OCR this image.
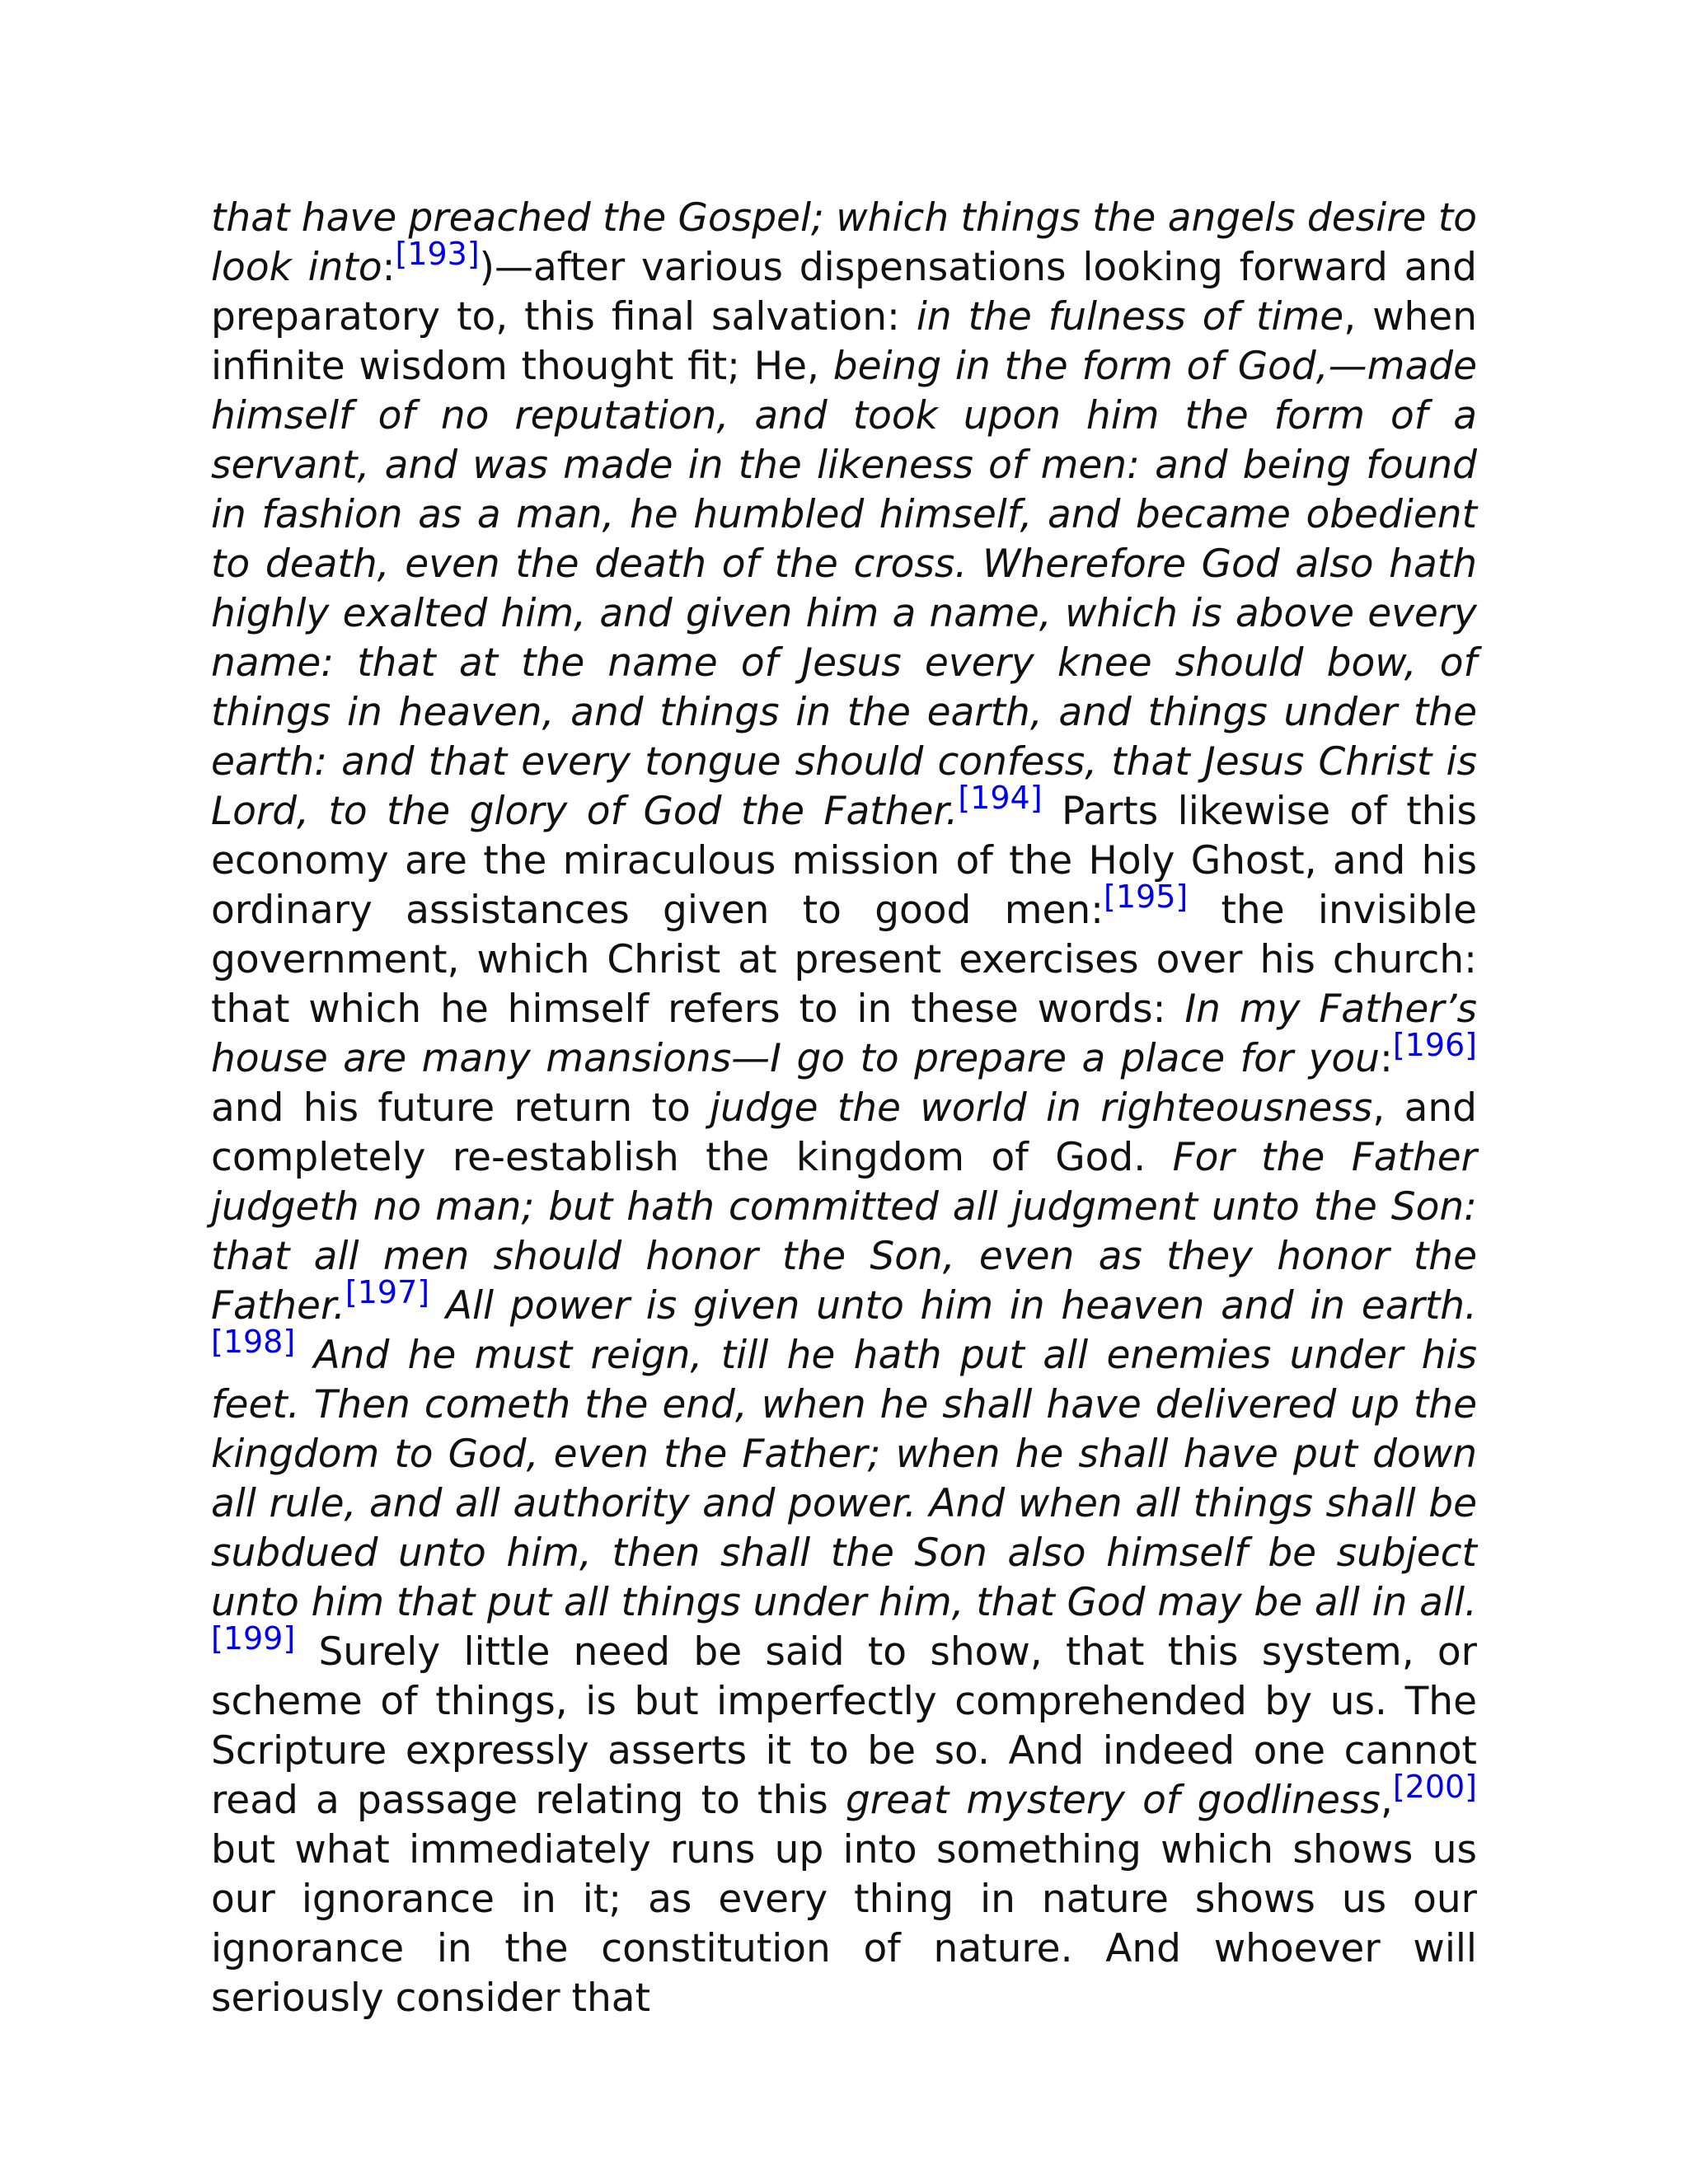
that have preached the Gospel; which things the angels desire to look into:[193])—after various dispensations looking forward and preparatory to, this final salvation: in the fulness of time, when infinite wisdom thought fit; He, being in the form of God,—made himself of no reputation, and took upon him the form of a servant, and was made in the likeness of men: and being found in fashion as a man, he humbled himself, and became obedient to death, even the death of the cross. Wherefore God also hath highly exalted him, and given him a name, which is above every name: that at the name of Jesus every knee should bow, of things in heaven, and things in the earth, and things under the earth: and that every tongue should confess, that Jesus Christ is Lord, to the glory of God the Father.[194] Parts likewise of this economy are the miraculous mission of the Holy Ghost, and his ordinary assistances given to good men:[195] the invisible government, which Christ at present exercises over his church: that which he himself refers to in these words: In my Father’s house are many mansions—I go to prepare a place for you:[196] and his future return to judge the world in righteousness, and completely re-establish the kingdom of God. For the Father judgeth no man; but hath committed all judgment unto the Son: that all men should honor the Son, even as they honor the Father.[197] All power is given unto him in heaven and in earth.[198] And he must reign, till he hath put all enemies under his feet. Then cometh the end, when he shall have delivered up the kingdom to God, even the Father; when he shall have put down all rule, and all authority and power. And when all things shall be subdued unto him, then shall the Son also himself be subject unto him that put all things under him, that God may be all in all.[199] Surely little need be said to show, that this system, or scheme of things, is but imperfectly comprehended by us. The Scripture expressly asserts it to be so. And indeed one cannot read a passage relating to this great mystery of godliness,[200] but what immediately runs up into something which shows us our ignorance in it; as every thing in nature shows us our ignorance in the constitution of nature. And whoever will seriously consider that
